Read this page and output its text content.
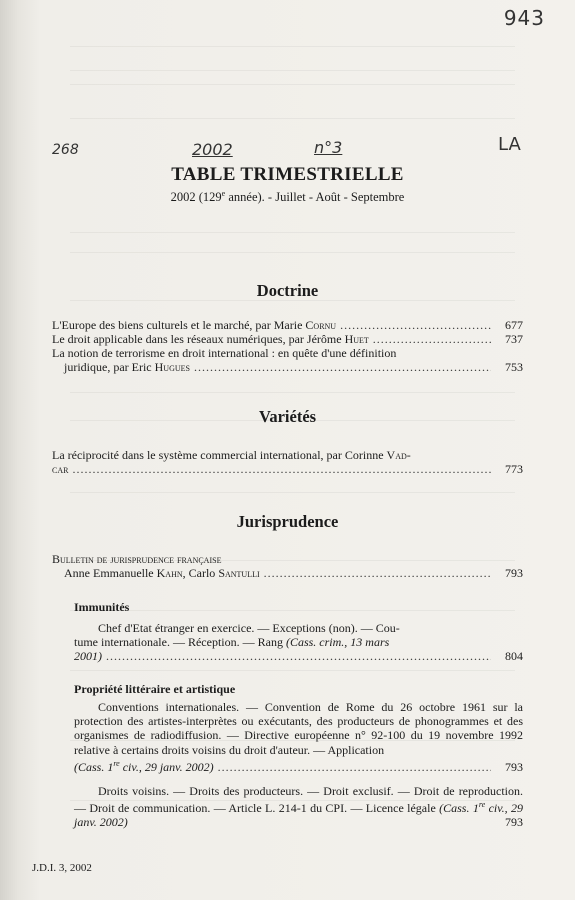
943
268	2002	n°3	LA
TABLE TRIMESTRIELLE
2002 (129e année). - Juillet - Août - Septembre
Doctrine
L'Europe des biens culturels et le marché, par Marie Cornu .....	677
Le droit applicable dans les réseaux numériques, par Jérôme Huet .....	737
La notion de terrorisme en droit international : en quête d'une définition
juridique, par Eric Hugues .....	753
Variétés
La réciprocité dans le système commercial international, par Corinne Vad-
car .....	773
Jurisprudence
Bulletin de jurisprudence française
Anne Emmanuelle Kahn, Carlo Santulli .....	793
Immunités
Chef d'Etat étranger en exercice. — Exceptions (non). — Cou-
tume internationale. — Réception. — Rang (Cass. crim., 13 mars
2001) .....	804
Propriété littéraire et artistique
Conventions internationales. — Convention de Rome du 26 octobre 1961 sur la protection des artistes-interprètes ou exécutants, des producteurs de phonogrammes et des organismes de radiodiffusion. — Directive européenne n° 92-100 du 19 novembre 1992 relative à certains droits voisins du droit d'auteur. — Application
(Cass. 1re civ., 29 janv. 2002) .....	793
Droits voisins. — Droits des producteurs. — Droit exclusif. — Droit de reproduction. — Droit de communication. — Article L. 214-1 du CPI. — Licence légale (Cass. 1re civ., 29 janv. 2002)	793
J.D.I. 3, 2002
